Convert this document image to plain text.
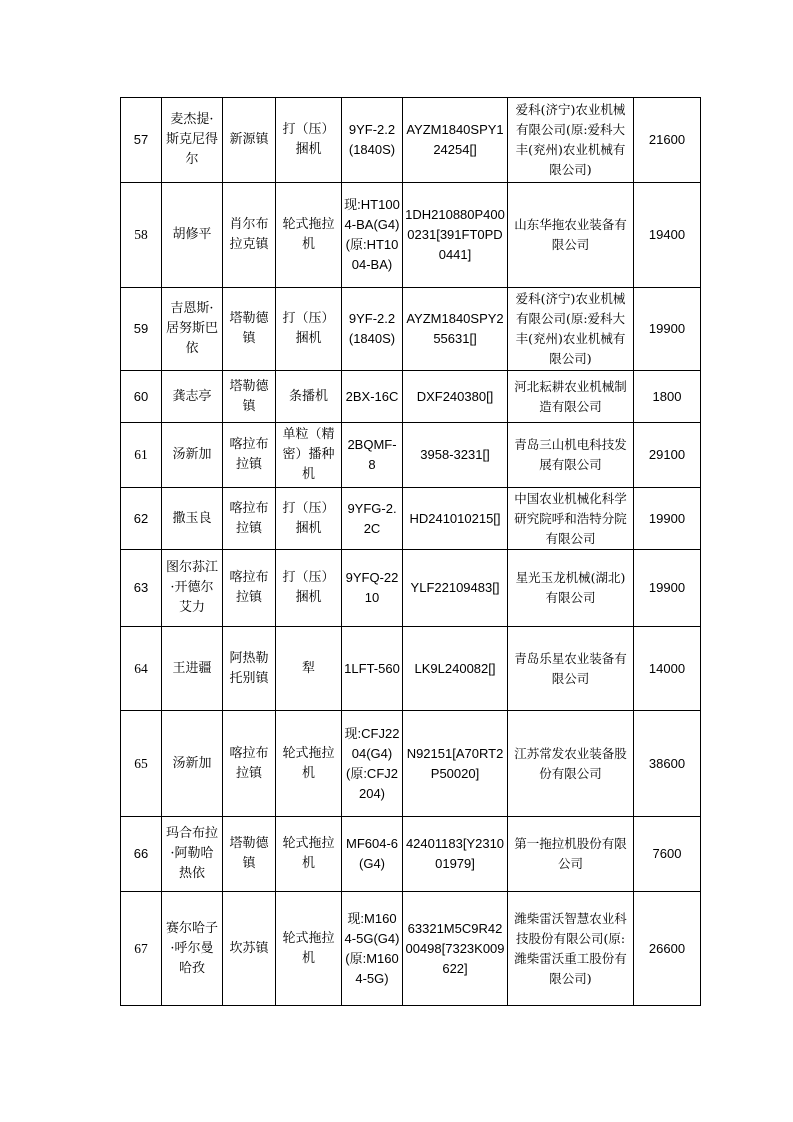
57	麦杰提·斯克尼得尔	新源镇	打（压）捆机	9YF-2.2(1840S)	AYZM1840SPY124254[]	爱科(济宁)农业机械有限公司(原:爱科大丰(兖州)农业机械有限公司)	21600
58	胡修平	肖尔布拉克镇	轮式拖拉机	现:HT1004-BA(G4)(原:HT1004-BA)	1DH210880P4000231[391FT0PD0441]	山东华拖农业装备有限公司	19400
59	吉恩斯·居努斯巴依	塔勒德镇	打（压）捆机	9YF-2.2(1840S)	AYZM1840SPY255631[]	爱科(济宁)农业机械有限公司(原:爱科大丰(兖州)农业机械有限公司)	19900
60	龚志亭	塔勒德镇	条播机	2BX-16C	DXF240380[]	河北耘耕农业机械制造有限公司	1800
61	汤新加	喀拉布拉镇	单粒（精密）播种机	2BQMF-8	3958-3231[]	青岛三山机电科技发展有限公司	29100
62	撒玉良	喀拉布拉镇	打（压）捆机	9YFG-2.2C	HD241010215[]	中国农业机械化科学研究院呼和浩特分院有限公司	19900
63	图尔荪江·开德尔艾力	喀拉布拉镇	打（压）捆机	9YFQ-2210	YLF22109483[]	星光玉龙机械(湖北)有限公司	19900
64	王进疆	阿热勒托别镇	犁	1LFT-560	LK9L240082[]	青岛乐星农业装备有限公司	14000
65	汤新加	喀拉布拉镇	轮式拖拉机	现:CFJ2204(G4)(原:CFJ2204)	N92151[A70RT2P50020]	江苏常发农业装备股份有限公司	38600
66	玛合布拉·阿勒哈热依	塔勒德镇	轮式拖拉机	MF604-6(G4)	42401183[Y231001979]	第一拖拉机股份有限公司	7600
67	赛尔哈子·呼尔曼哈孜	坎苏镇	轮式拖拉机	现:M1604-5G(G4)(原:M1604-5G)	63321M5C9R4200498[7323K009622]	潍柴雷沃智慧农业科技股份有限公司(原:潍柴雷沃重工股份有限公司)	26600
